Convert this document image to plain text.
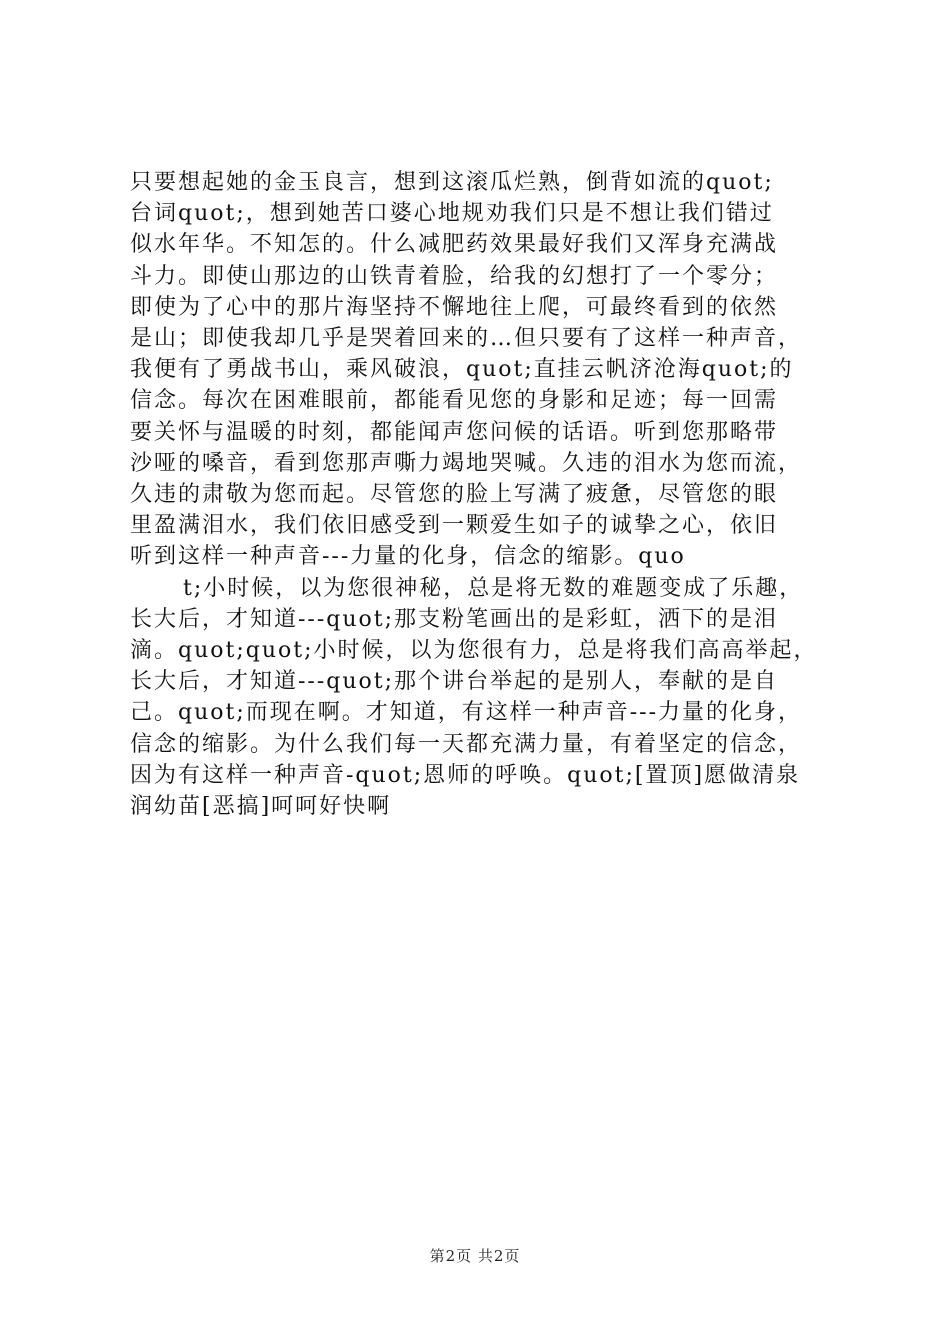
只要想起她的金玉良言，想到这滚瓜烂熟，倒背如流的quot;
台词quot;，想到她苦口婆心地规劝我们只是不想让我们错过
似水年华。不知怎的。什么减肥药效果最好我们又浑身充满战
斗力。即使山那边的山铁青着脸，给我的幻想打了一个零分；
即使为了心中的那片海坚持不懈地往上爬，可最终看到的依然
是山；即使我却几乎是哭着回来的…但只要有了这样一种声音，
我便有了勇战书山，乘风破浪，quot;直挂云帆济沧海quot;的
信念。每次在困难眼前，都能看见您的身影和足迹；每一回需
要关怀与温暖的时刻，都能闻声您问候的话语。听到您那略带
沙哑的嗓音，看到您那声嘶力竭地哭喊。久违的泪水为您而流，
久违的肃敬为您而起。尽管您的脸上写满了疲惫，尽管您的眼
里盈满泪水，我们依旧感受到一颗爱生如子的诚挚之心，依旧
听到这样一种声音---力量的化身，信念的缩影。quo
t;小时候，以为您很神秘，总是将无数的难题变成了乐趣，
长大后，才知道---quot;那支粉笔画出的是彩虹，洒下的是泪
滴。quot;quot;小时候，以为您很有力，总是将我们高高举起，
长大后，才知道---quot;那个讲台举起的是别人，奉献的是自
己。quot;而现在啊。才知道，有这样一种声音---力量的化身，
信念的缩影。为什么我们每一天都充满力量，有着坚定的信念，
因为有这样一种声音-quot;恩师的呼唤。quot;[置顶]愿做清泉
润幼苗[恶搞]呵呵好快啊
第2页 共2页
